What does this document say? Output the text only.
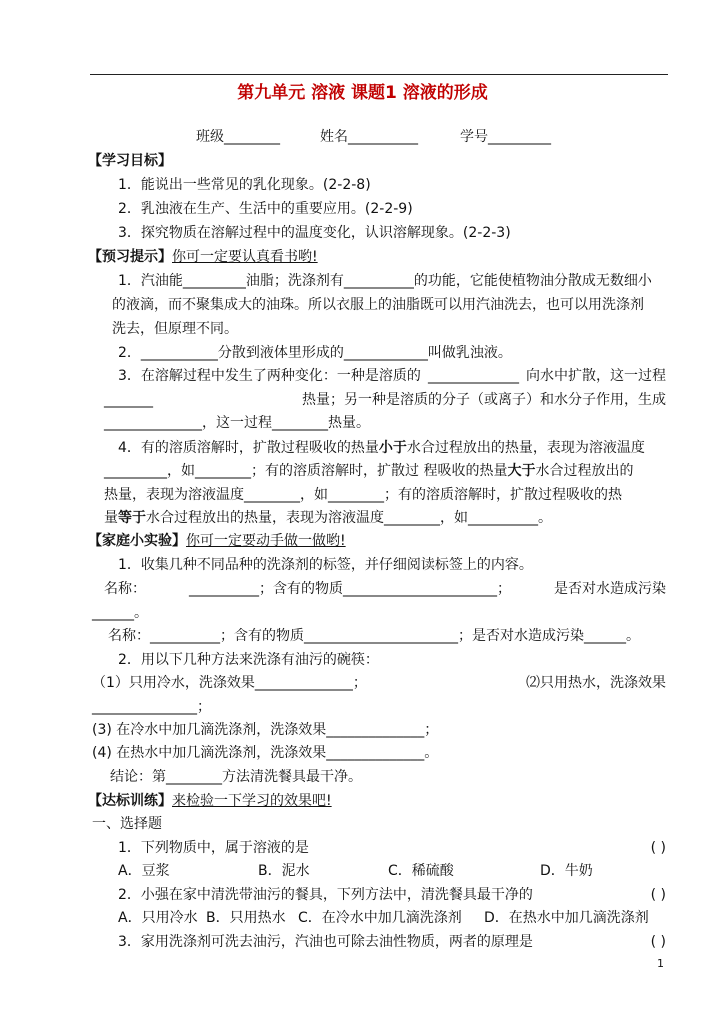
第九单元 溶液 课题1 溶液的形成
班级________	姓名__________	学号_________
【学习目标】
1．能说出一些常见的乳化现象。(2-2-8)
2．乳浊液在生产、生活中的重要应用。(2-2-9)
3．探究物质在溶解过程中的温度变化，认识溶解现象。(2-2-3)
【预习提示】你可一定要认真看书哟!
1．汽油能_________油脂；洗涤剂有__________的功能，它能使植物油分散成无数细小
的液滴，而不聚集成大的油珠。所以衣服上的油脂既可以用汽油洗去，也可以用洗涤剂
洗去，但原理不同。
2．___________分散到液体里形成的____________叫做乳浊液。
3．在溶解过程中发生了两种变化：一种是溶质的 _____________ 向水中扩散，这一过程
_______	热量；另一种是溶质的分子（或离子）和水分子作用，生成
______________，这一过程________热量。
4．有的溶质溶解时，扩散过程吸收的热量小于水合过程放出的热量，表现为溶液温度
_________，如________；有的溶质溶解时，扩散过 程吸收的热量大于水合过程放出的
热量，表现为溶液温度________，如________；有的溶质溶解时，扩散过程吸收的热
量等于水合过程放出的热量，表现为溶液温度________，如__________。
【家庭小实验】你可一定要动手做一做哟!
1．收集几种不同品种的洗涤剂的标签，并仔细阅读标签上的内容。
名称：	__________；含有的物质______________________；	是否对水造成污染
______。
名称：__________；含有的物质______________________；是否对水造成污染______。
2．用以下几种方法来洗涤有油污的碗筷：
（1）只用冷水，洗涤效果______________；	⑵只用热水，洗涤效果
_______________；
(3) 在冷水中加几滴洗涤剂，洗涤效果______________；
(4) 在热水中加几滴洗涤剂，洗涤效果______________。
结论：第________方法清洗餐具最干净。
【达标训练】来检验一下学习的效果吧!
一、选择题
1．下列物质中，属于溶液的是	( )
A．豆浆	B．泥水	C．稀硫酸	D．牛奶
2．小强在家中清洗带油污的餐具，下列方法中，清洗餐具最干净的	( )
A．只用冷水 B．只用热水 C．在冷水中加几滴洗涤剂 D．在热水中加几滴洗涤剂
3．家用洗涤剂可洗去油污，汽油也可除去油性物质，两者的原理是	( )
1
